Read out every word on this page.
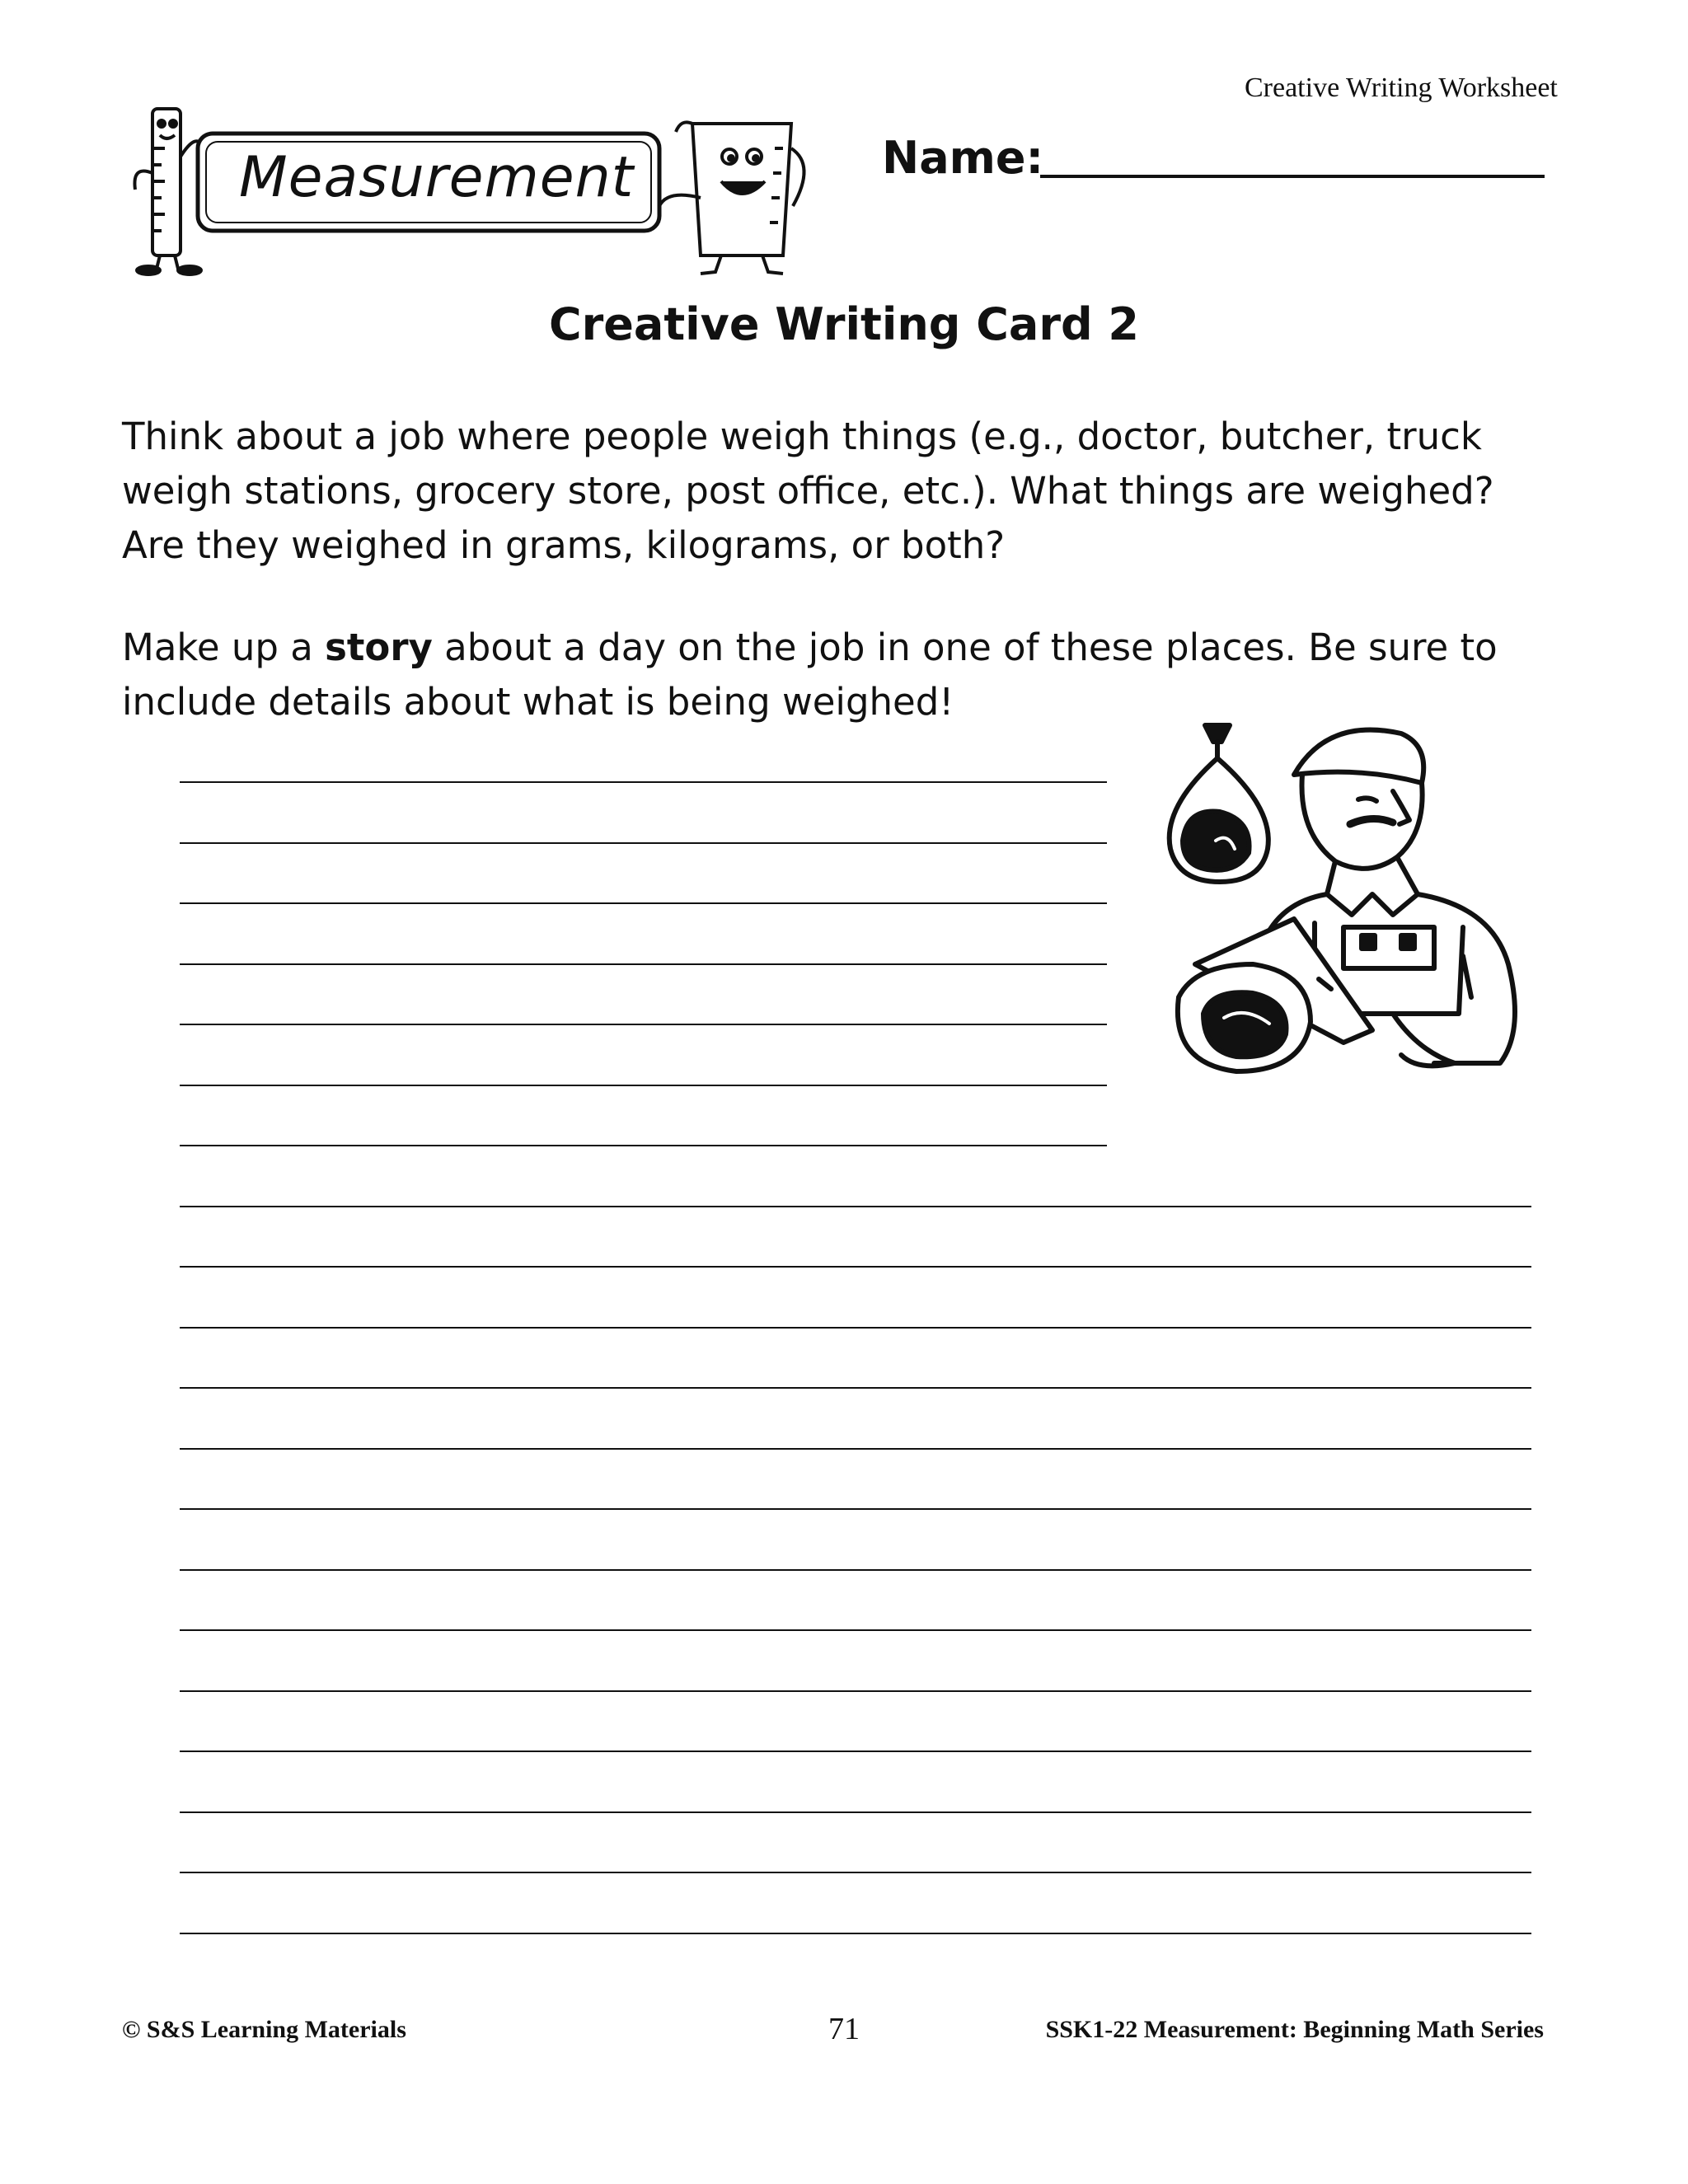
Creative Writing Worksheet
Measurement	Name:
Creative Writing Card 2
Think about a job where people weigh things (e.g., doctor, butcher, truck weigh stations, grocery store, post office, etc.). What things are weighed? Are they weighed in grams, kilograms, or both?
Make up a story about a day on the job in one of these places. Be sure to include details about what is being weighed!
© S&S Learning Materials	71	SSK1-22 Measurement: Beginning Math Series
